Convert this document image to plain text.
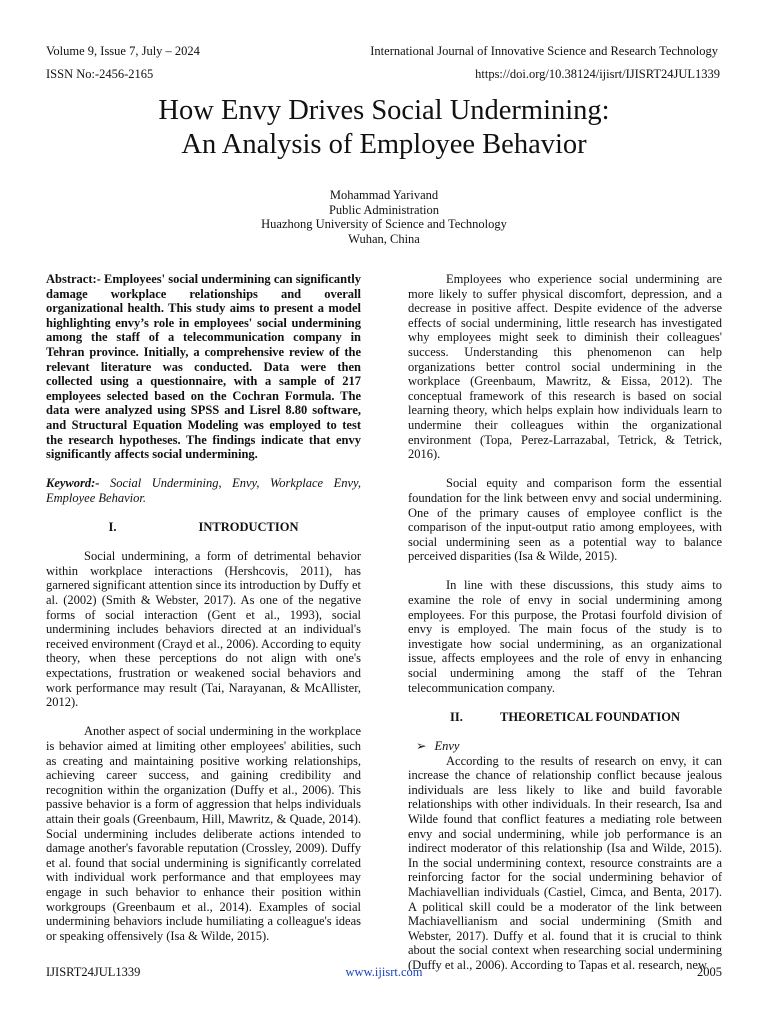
Volume 9, Issue 7, July – 2024	International Journal of Innovative Science and Research Technology
ISSN No:-2456-2165	https://doi.org/10.38124/ijisrt/IJISRT24JUL1339
How Envy Drives Social Undermining:
An Analysis of Employee Behavior
Mohammad Yarivand
Public Administration
Huazhong University of Science and Technology
Wuhan, China

Abstract:- Employees' social undermining can significantly damage workplace relationships and overall organizational health. This study aims to present a model highlighting envy’s role in employees' social undermining among the staff of a telecommunication company in Tehran province. Initially, a comprehensive review of the relevant literature was conducted. Data were then collected using a questionnaire, with a sample of 217 employees selected based on the Cochran Formula. The data were analyzed using SPSS and Lisrel 8.80 software, and Structural Equation Modeling was employed to test the research hypotheses. The findings indicate that envy significantly affects social undermining.

Keyword:- Social Undermining, Envy, Workplace Envy, Employee Behavior.

I.	INTRODUCTION

Social undermining, a form of detrimental behavior within workplace interactions (Hershcovis, 2011), has garnered significant attention since its introduction by Duffy et al. (2002) (Smith & Webster, 2017). As one of the negative forms of social interaction (Gent et al., 1993), social undermining includes behaviors directed at an individual's received environment (Crayd et al., 2006). According to equity theory, when these perceptions do not align with one's expectations, frustration or weakened social behaviors and work performance may result (Tai, Narayanan, & McAllister, 2012).

Another aspect of social undermining in the workplace is behavior aimed at limiting other employees' abilities, such as creating and maintaining positive working relationships, achieving career success, and gaining credibility and recognition within the organization (Duffy et al., 2006). This passive behavior is a form of aggression that helps individuals attain their goals (Greenbaum, Hill, Mawritz, & Quade, 2014). Social undermining includes deliberate actions intended to damage another's favorable reputation (Crossley, 2009). Duffy et al. found that social undermining is significantly correlated with individual work performance and that employees may engage in such behavior to enhance their position within workgroups (Greenbaum et al., 2014). Examples of social undermining behaviors include humiliating a colleague's ideas or speaking offensively (Isa & Wilde, 2015).

Employees who experience social undermining are more likely to suffer physical discomfort, depression, and a decrease in positive affect. Despite evidence of the adverse effects of social undermining, little research has investigated why employees might seek to diminish their colleagues' success. Understanding this phenomenon can help organizations better control social undermining in the workplace (Greenbaum, Mawritz, & Eissa, 2012). The conceptual framework of this research is based on social learning theory, which helps explain how individuals learn to undermine their colleagues within the organizational environment (Topa, Perez-Larrazabal, Tetrick, & Tetrick, 2016).

Social equity and comparison form the essential foundation for the link between envy and social undermining. One of the primary causes of employee conflict is the comparison of the input-output ratio among employees, with social undermining seen as a potential way to balance perceived disparities (Isa & Wilde, 2015).

In line with these discussions, this study aims to examine the role of envy in social undermining among employees. For this purpose, the Protasi fourfold division of envy is employed. The main focus of the study is to investigate how social undermining, as an organizational issue, affects employees and the role of envy in enhancing social undermining among the staff of the Tehran telecommunication company.

II.	THEORETICAL FOUNDATION

➢ Envy

According to the results of research on envy, it can increase the chance of relationship conflict because jealous individuals are less likely to like and build favorable relationships with other individuals. In their research, Isa and Wilde found that conflict features a mediating role between envy and social undermining, while job performance is an indirect moderator of this relationship (Isa and Wilde, 2015). In the social undermining context, resource constraints are a reinforcing factor for the social undermining behavior of Machiavellian individuals (Castiel, Cimca, and Benta, 2017). A political skill could be a moderator of the link between Machiavellianism and social undermining (Smith and Webster, 2017). Duffy et al. found that it is crucial to think about the social context when researching social undermining (Duffy et al., 2006). According to Tapas et al. research, new

IJISRT24JUL1339	www.ijisrt.com	2005
